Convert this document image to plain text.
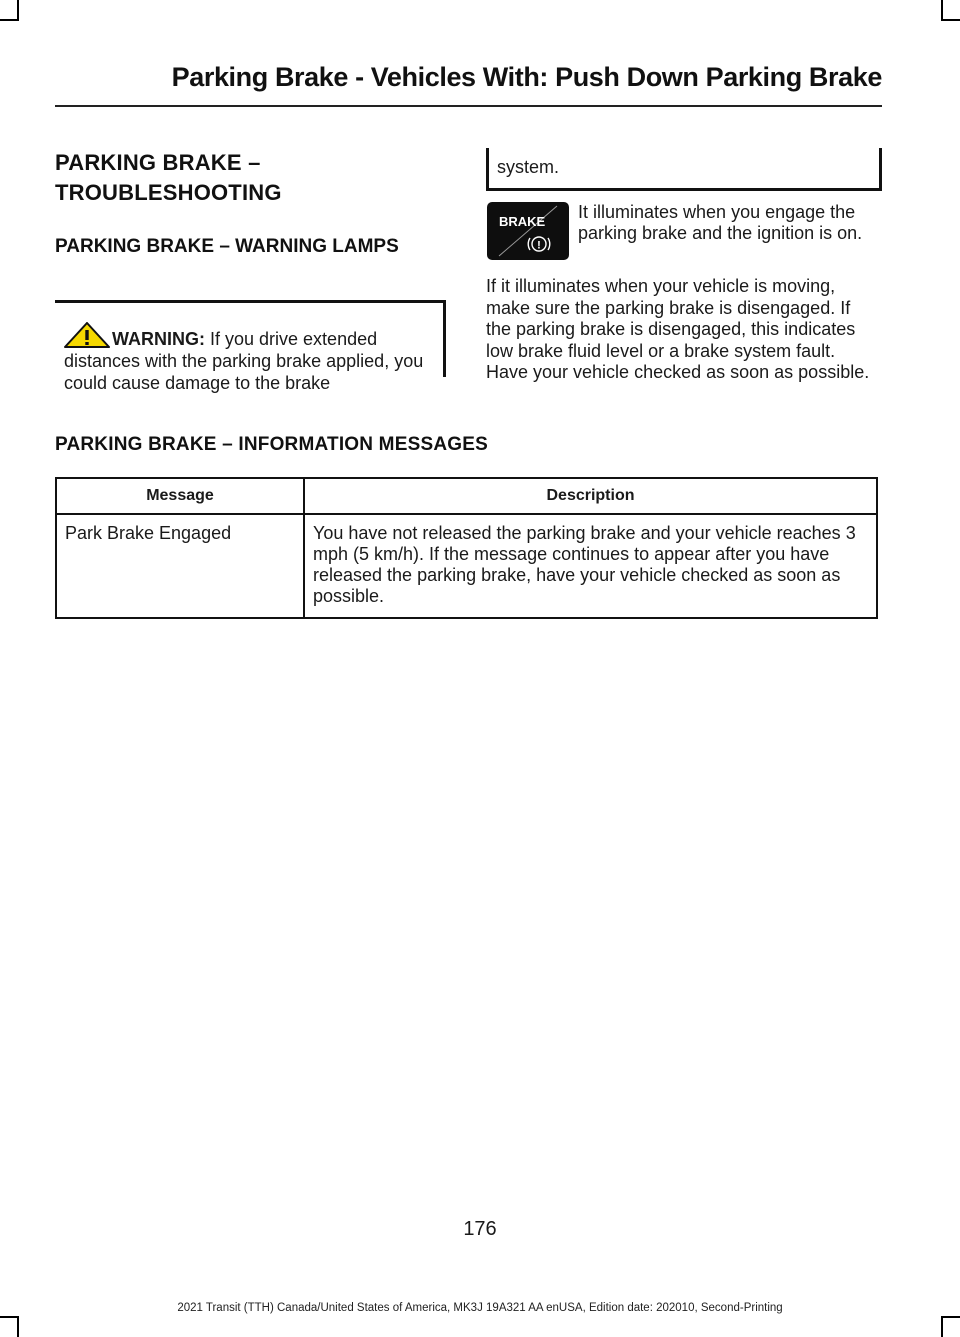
Parking Brake - Vehicles With: Push Down Parking Brake
PARKING BRAKE –
TROUBLESHOOTING
PARKING BRAKE – WARNING LAMPS
WARNING: If you drive extended distances with the parking brake applied, you could cause damage to the brake
system.
BRAKE
!
It illuminates when you engage the parking brake and the ignition is on.
If it illuminates when your vehicle is moving, make sure the parking brake is disengaged. If the parking brake is disengaged, this indicates low brake fluid level or a brake system fault. Have your vehicle checked as soon as possible.
PARKING BRAKE – INFORMATION MESSAGES
Message	Description
Park Brake Engaged	You have not released the parking brake and your vehicle reaches 3 mph (5 km/h). If the message continues to appear after you have released the parking brake, have your vehicle checked as soon as possible.
176
2021 Transit (TTH) Canada/United States of America, MK3J 19A321 AA enUSA, Edition date: 202010, Second-Printing
